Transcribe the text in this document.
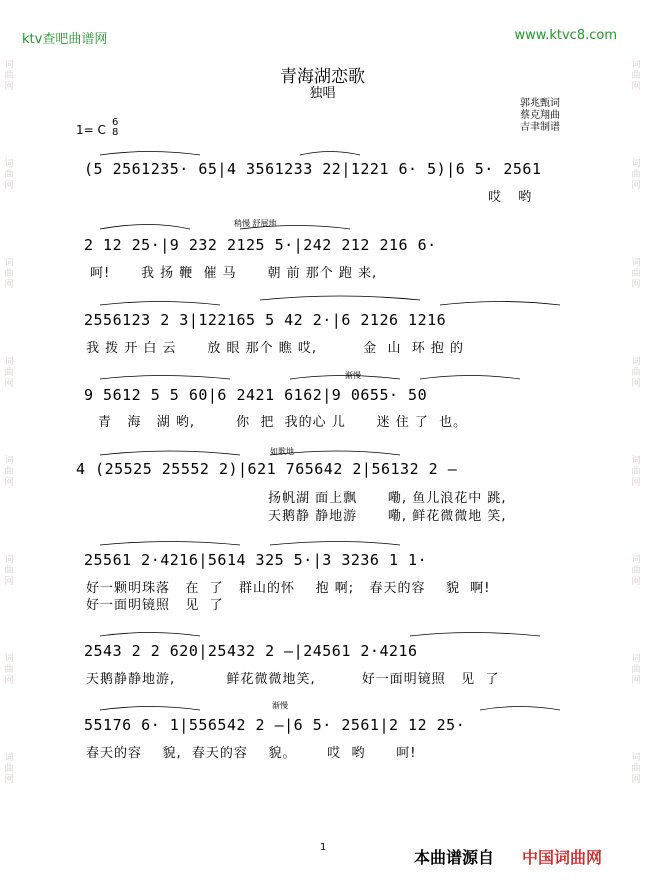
ktv查吧曲谱网	www.ktvc8.com
词
曲
网
词
曲
网
词
曲
网
词
曲
网
词
曲
网
词
曲
网
词
曲
网
词
曲
网
词
曲
网
词
曲
网
词
曲
网
词
曲
网
词
曲
网
词
曲
网
词
曲
网
词
曲
网
青海湖恋歌
独唱
郭兆甄词
蔡克翔曲
吉聿制谱
1= C
6
8
稍慢 舒展地
渐慢
如歌地
渐慢
(5 2561235· 65|4 3561233 22|1221 6· 5)|6 5· 2561
哎  哟
2 12 25·|9 232 2125 5·|242 212 216 6·
呵!      我 扬 鞭  催 马      朝 前 那个 跑 来,
2556123 2 3|122165 5 42 2·|6 2126 1216
我 拨 开 白 云      放 眼 那个 瞧 哎,         金  山  环 抱 的
9 5612 5 5 60|6 2421 6162|9 0655· 50
青   海   湖 哟,        你  把  我的心 儿      迷 住 了  也。
4 (25525 25552 2)|621 765642 2|56132 2 –
扬帆湖 面上飘      嘞, 鱼儿浪花中 跳,
天鹅静 静地游      嘞, 鲜花微微地 笑,
25561 2·4216|5614 325 5·|3 3236 1 1·
好一颗明珠落   在  了   群山的怀    抱 啊;   春天的容    貌  啊!
好一面明镜照   见  了
2543 2 2 620|25432 2 –|24561 2·4216
天鹅静静地游,          鲜花微微地笑,         好一面明镜照   见  了
55176 6· 1|556542 2 –|6 5· 2561|2 12 25·
春天的容    貌,  春天的容    貌。      哎  哟      呵!
1
本曲谱源自 中国词曲网
